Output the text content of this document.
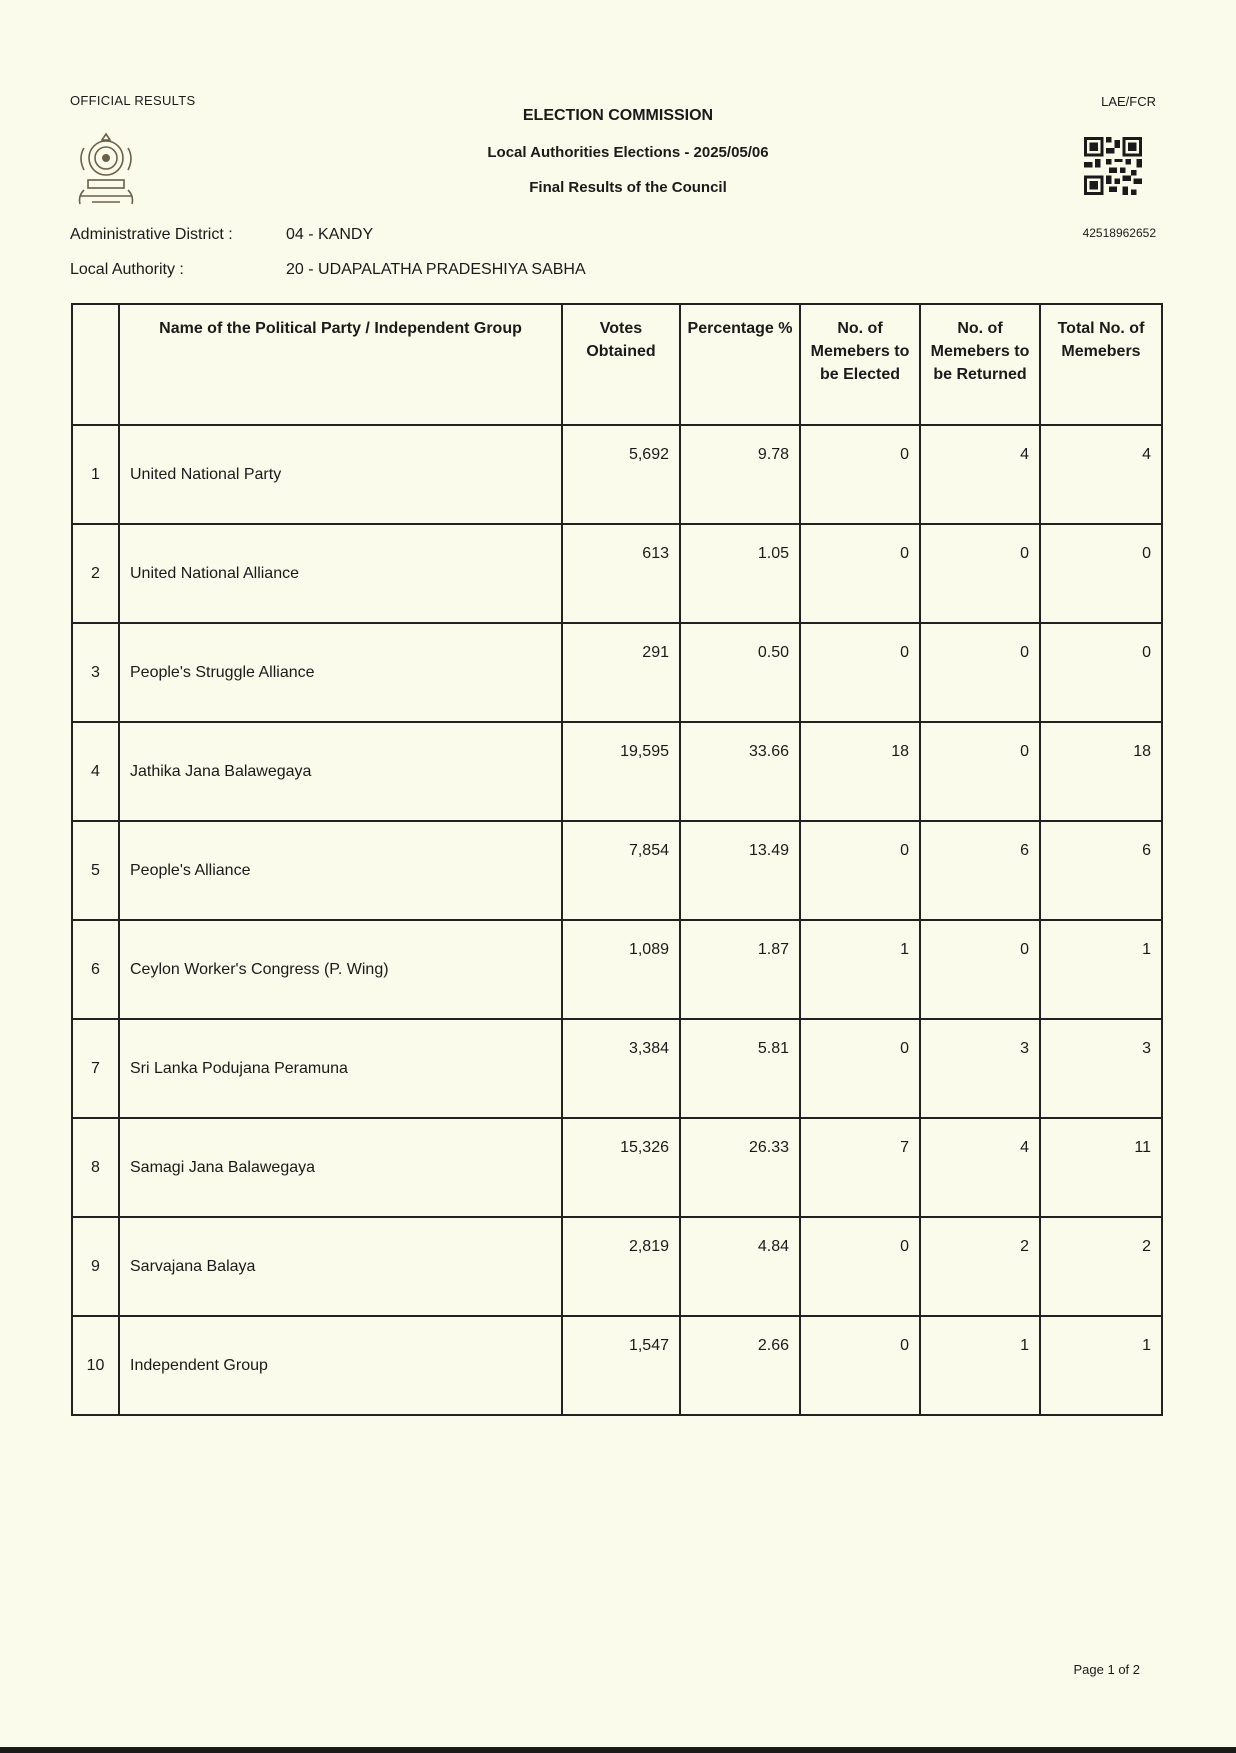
OFFICIAL RESULTS	LAE/FCR
ELECTION COMMISSION
Local Authorities Elections - 2025/05/06
Final Results of the Council
42518962652
Administrative District :	04 - KANDY
Local Authority :	20 - UDAPALATHA PRADESHIYA SABHA
	Name of the Political Party / Independent Group	Votes Obtained	Percentage %	No. of Memebers to be Elected	No. of Memebers to be Returned	Total No. of Memebers
1	United National Party	5,692	9.78	0	4	4
2	United National Alliance	613	1.05	0	0	0
3	People's Struggle Alliance	291	0.50	0	0	0
4	Jathika Jana Balawegaya	19,595	33.66	18	0	18
5	People's Alliance	7,854	13.49	0	6	6
6	Ceylon Worker's Congress (P. Wing)	1,089	1.87	1	0	1
7	Sri Lanka Podujana Peramuna	3,384	5.81	0	3	3
8	Samagi Jana Balawegaya	15,326	26.33	7	4	11
9	Sarvajana Balaya	2,819	4.84	0	2	2
10	Independent Group	1,547	2.66	0	1	1
Page 1 of 2
